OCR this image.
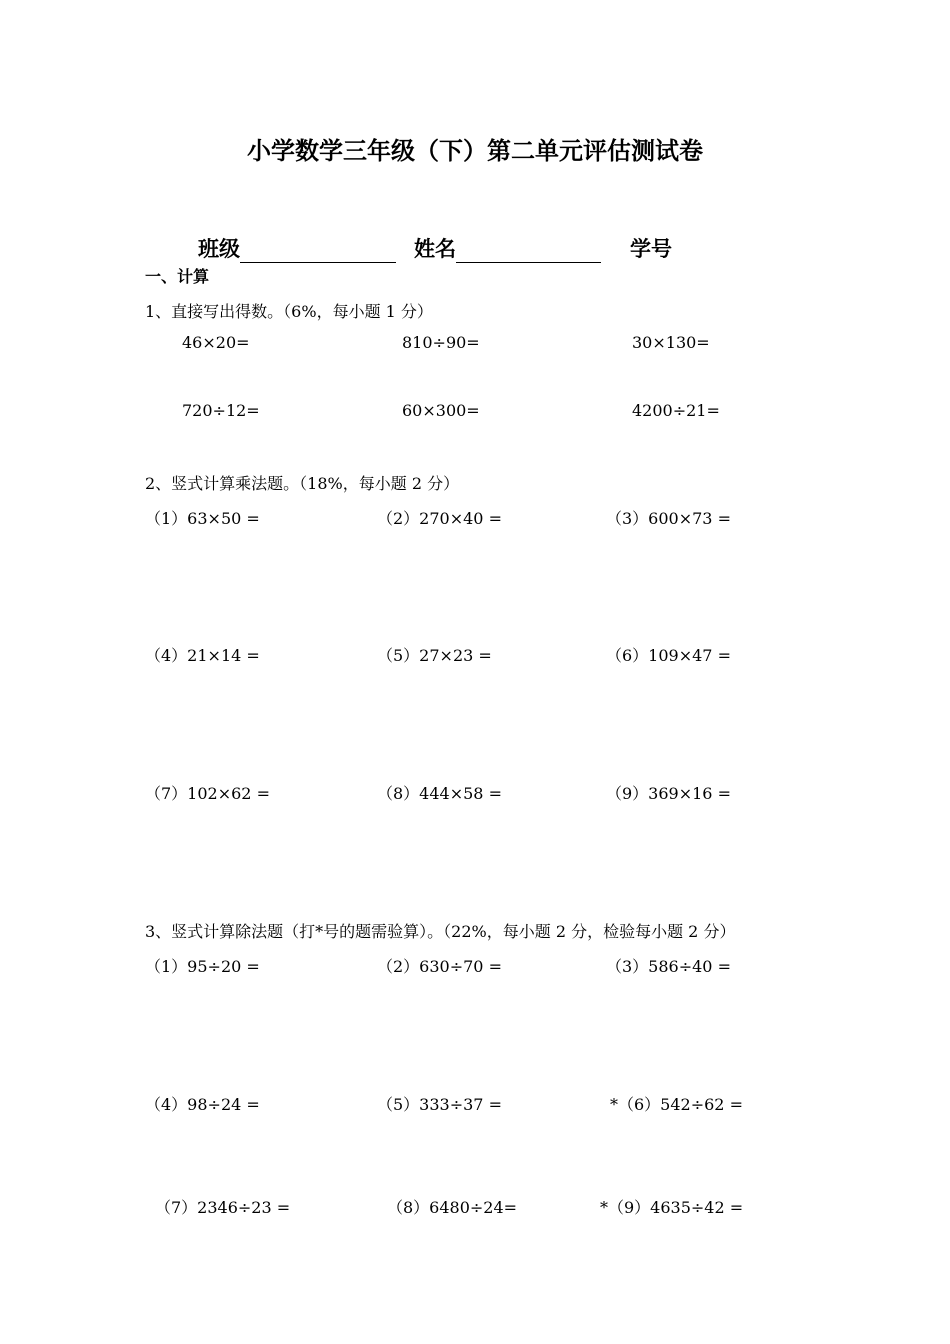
小学数学三年级（下）第二单元评估测试卷
班级	姓名	学号
一、计算
1、直接写出得数。（6%，每小题 1 分）
46×20=	810÷90=	30×130=
720÷12=	60×300=	4200÷21=
2、竖式计算乘法题。（18%，每小题 2 分）
（1）63×50 =	（2）270×40 =	（3）600×73 =
（4）21×14 =	（5）27×23 =	（6）109×47 =
（7）102×62 =	（8）444×58 =	（9）369×16 =
3、竖式计算除法题（打*号的题需验算）。（22%，每小题 2 分，检验每小题 2 分）
（1）95÷20 =	（2）630÷70 =	（3）586÷40 =
（4）98÷24 =	（5）333÷37 =	*（6）542÷62 =
（7）2346÷23 =	（8）6480÷24=	*（9）4635÷42 =
